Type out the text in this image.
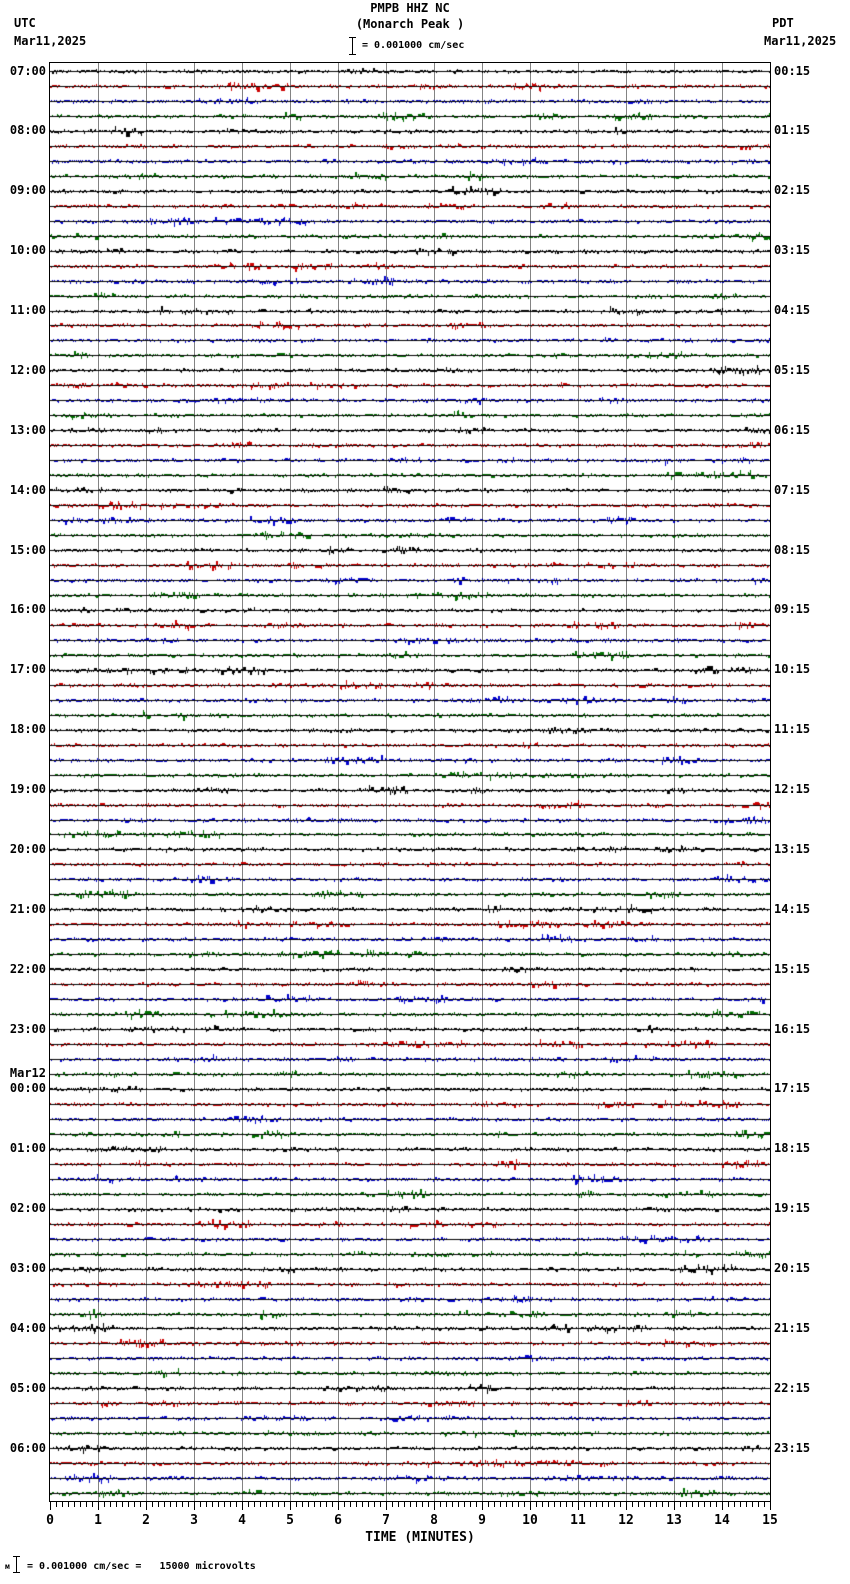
UTC
Mar11,2025
PMPB HHZ NC
(Monarch Peak )
= 0.001000 cm/sec
PDT
Mar11,2025
07:00
08:00
09:00
10:00
11:00
12:00
13:00
14:00
15:00
16:00
17:00
18:00
19:00
20:00
21:00
22:00
23:00
00:00
Mar12
01:00
02:00
03:00
04:00
05:00
06:00
00:15
01:15
02:15
03:15
04:15
05:15
06:15
07:15
08:15
09:15
10:15
11:15
12:15
13:15
14:15
15:15
16:15
17:15
18:15
19:15
20:15
21:15
22:15
23:15
0	1	2	3	4	5	6	7	8	9	10	11	12	13	14	15
TIME (MINUTES)
м = 0.001000 cm/sec =   15000 microvolts
